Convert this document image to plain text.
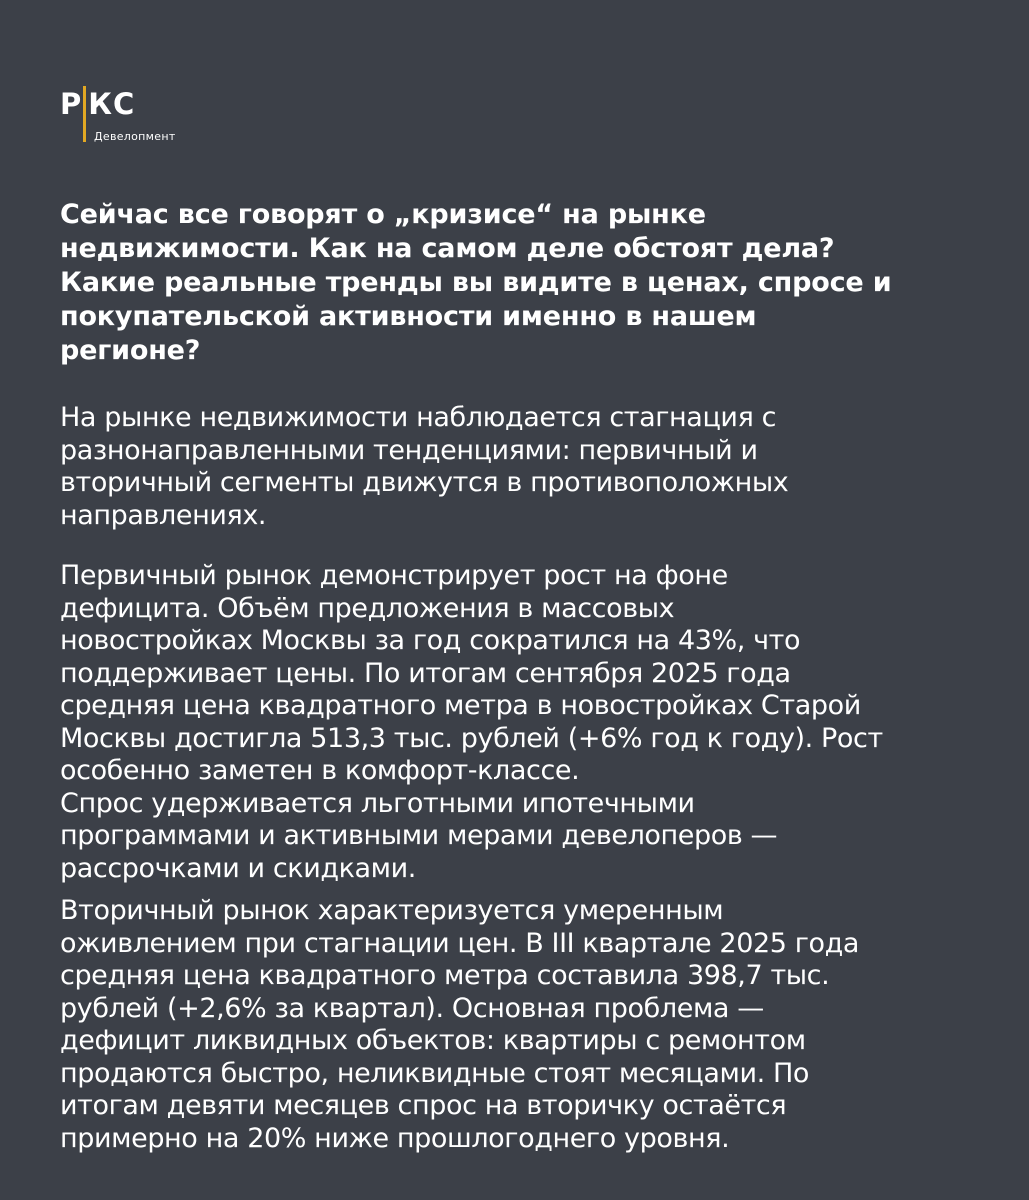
Р КС
Девелопмент
Сейчас все говорят о „кризисе“ на рынке
недвижимости. Как на самом деле обстоят дела?
Какие реальные тренды вы видите в ценах, спросе и
покупательской активности именно в нашем
регионе?

На рынке недвижимости наблюдается стагнация с
разнонаправленными тенденциями: первичный и
вторичный сегменты движутся в противоположных
направлениях.

Первичный рынок демонстрирует рост на фоне
дефицита. Объём предложения в массовых
новостройках Москвы за год сократился на 43%, что
поддерживает цены. По итогам сентября 2025 года
средняя цена квадратного метра в новостройках Старой
Москвы достигла 513,3 тыс. рублей (+6% год к году). Рост
особенно заметен в комфорт-классе.
Спрос удерживается льготными ипотечными
программами и активными мерами девелоперов —
рассрочками и скидками.

Вторичный рынок характеризуется умеренным
оживлением при стагнации цен. В III квартале 2025 года
средняя цена квадратного метра составила 398,7 тыс.
рублей (+2,6% за квартал). Основная проблема —
дефицит ликвидных объектов: квартиры с ремонтом
продаются быстро, неликвидные стоят месяцами. По
итогам девяти месяцев спрос на вторичку остаётся
примерно на 20% ниже прошлогоднего уровня.
